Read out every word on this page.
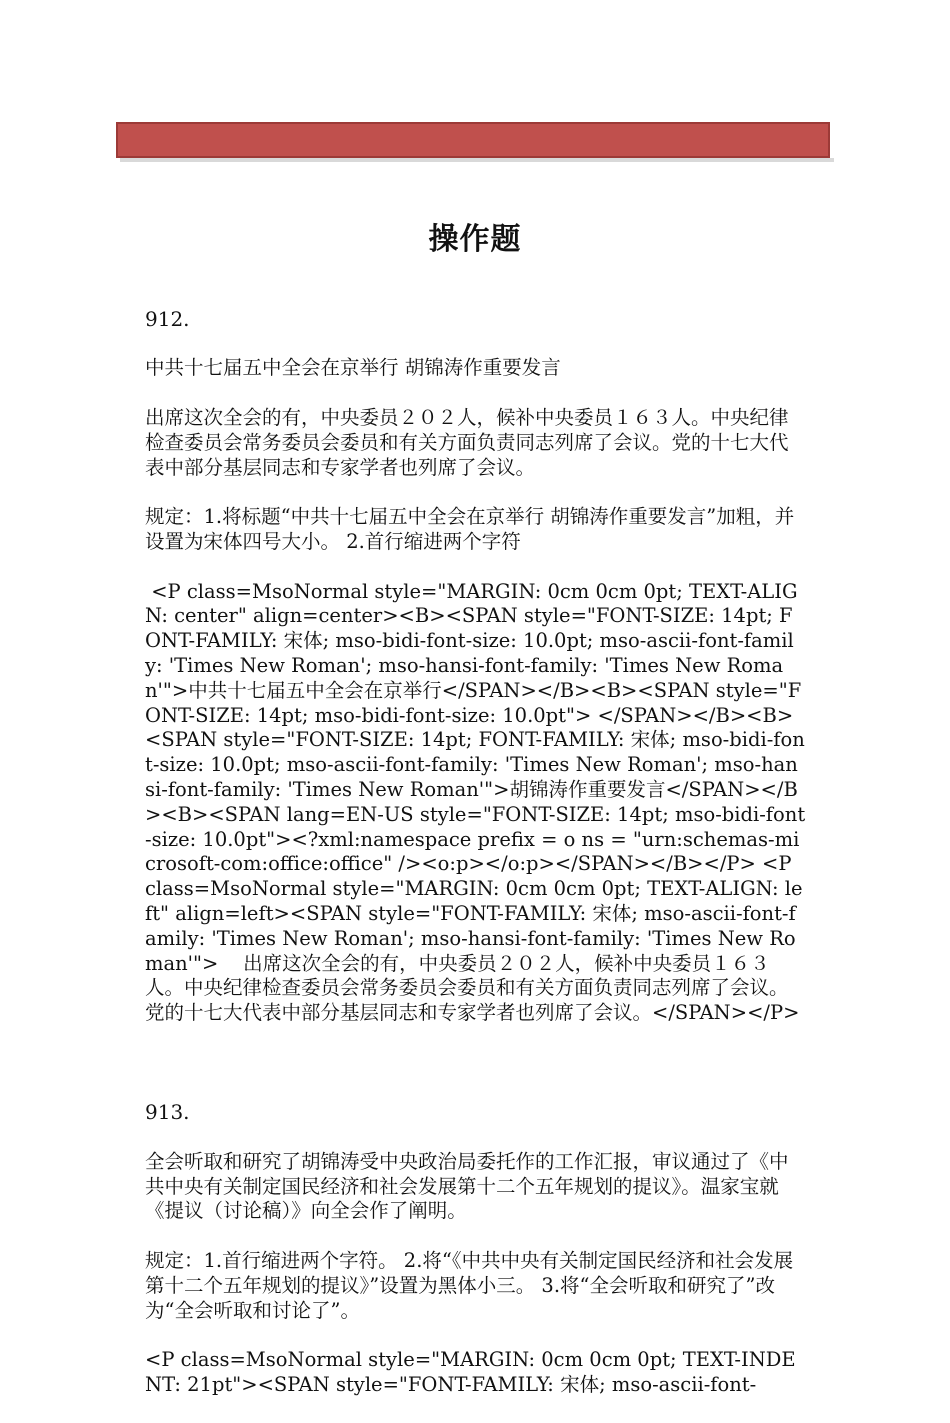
操作题

912.

中共十七届五中全会在京举行 胡锦涛作重要发言

出席这次全会的有，中央委员２０２人，候补中央委员１６３人。中央纪律检查委员会常务委员会委员和有关方面负责同志列席了会议。党的十七大代表中部分基层同志和专家学者也列席了会议。

规定：1.将标题“中共十七届五中全会在京举行 胡锦涛作重要发言”加粗，并设置为宋体四号大小。 2.首行缩进两个字符

<P class=MsoNormal style="MARGIN: 0cm 0cm 0pt; TEXT-ALIGN: center" align=center><B><SPAN style="FONT-SIZE: 14pt; FONT-FAMILY: 宋体; mso-bidi-font-size: 10.0pt; mso-ascii-font-family: 'Times New Roman'; mso-hansi-font-family: 'Times New Roman'">中共十七届五中全会在京举行</SPAN></B><B><SPAN style="FONT-SIZE: 14pt; mso-bidi-font-size: 10.0pt"> </SPAN></B><B><SPAN style="FONT-SIZE: 14pt; FONT-FAMILY: 宋体; mso-bidi-font-size: 10.0pt; mso-ascii-font-family: 'Times New Roman'; mso-hansi-font-family: 'Times New Roman'">胡锦涛作重要发言</SPAN></B><B><SPAN lang=EN-US style="FONT-SIZE: 14pt; mso-bidi-font-size: 10.0pt"><?xml:namespace prefix = o ns = "urn:schemas-microsoft-com:office:office" /><o:p></o:p></SPAN></B></P> <P class=MsoNormal style="MARGIN: 0cm 0cm 0pt; TEXT-ALIGN: left" align=left><SPAN style="FONT-FAMILY: 宋体; mso-ascii-font-family: 'Times New Roman'; mso-hansi-font-family: 'Times New Roman'">    出席这次全会的有，中央委员２０２人，候补中央委员１６３人。中央纪律检查委员会常务委员会委员和有关方面负责同志列席了会议。党的十七大代表中部分基层同志和专家学者也列席了会议。</SPAN></P>

913.

全会听取和研究了胡锦涛受中央政治局委托作的工作汇报，审议通过了《中共中央有关制定国民经济和社会发展第十二个五年规划的提议》。温家宝就《提议（讨论稿）》向全会作了阐明。

规定：1.首行缩进两个字符。 2.将“《中共中央有关制定国民经济和社会发展第十二个五年规划的提议》”设置为黑体小三。 3.将“全会听取和研究了”改为“全会听取和讨论了”。

<P class=MsoNormal style="MARGIN: 0cm 0cm 0pt; TEXT-INDENT: 21pt"><SPAN style="FONT-FAMILY: 宋体; mso-ascii-font-
